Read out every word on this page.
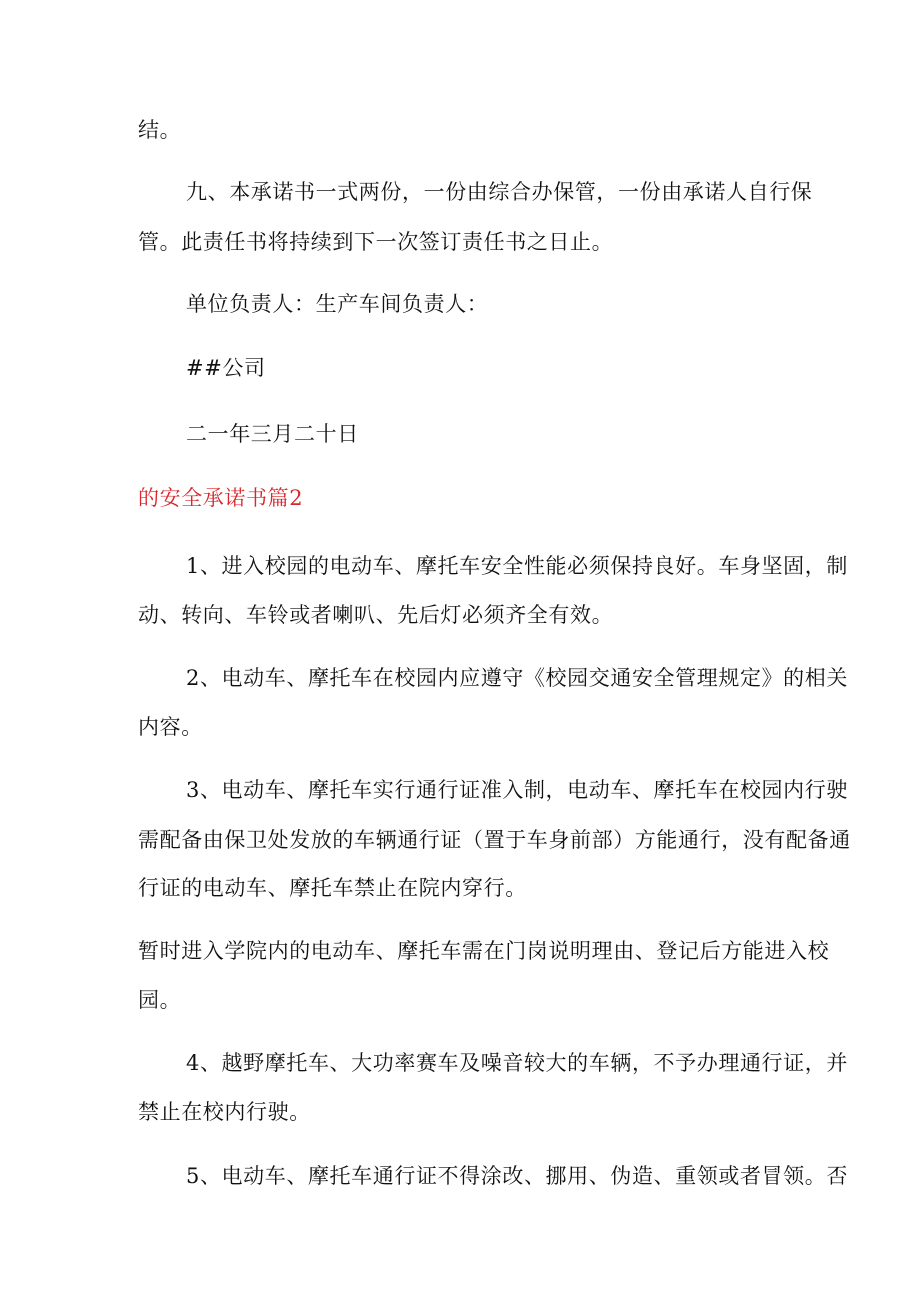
结。
九、本承诺书一式两份，一份由综合办保管，一份由承诺人自行保
管。此责任书将持续到下一次签订责任书之日止。
单位负责人：生产车间负责人：
##公司
二一年三月二十日
的安全承诺书篇2
1、进入校园的电动车、摩托车安全性能必须保持良好。车身坚固，制
动、转向、车铃或者喇叭、先后灯必须齐全有效。
2、电动车、摩托车在校园内应遵守《校园交通安全管理规定》的相关
内容。
3、电动车、摩托车实行通行证准入制，电动车、摩托车在校园内行驶
需配备由保卫处发放的车辆通行证（置于车身前部）方能通行，没有配备通
行证的电动车、摩托车禁止在院内穿行。
暂时进入学院内的电动车、摩托车需在门岗说明理由、登记后方能进入校
园。
4、越野摩托车、大功率赛车及噪音较大的车辆，不予办理通行证，并
禁止在校内行驶。
5、电动车、摩托车通行证不得涂改、挪用、伪造、重领或者冒领。否
